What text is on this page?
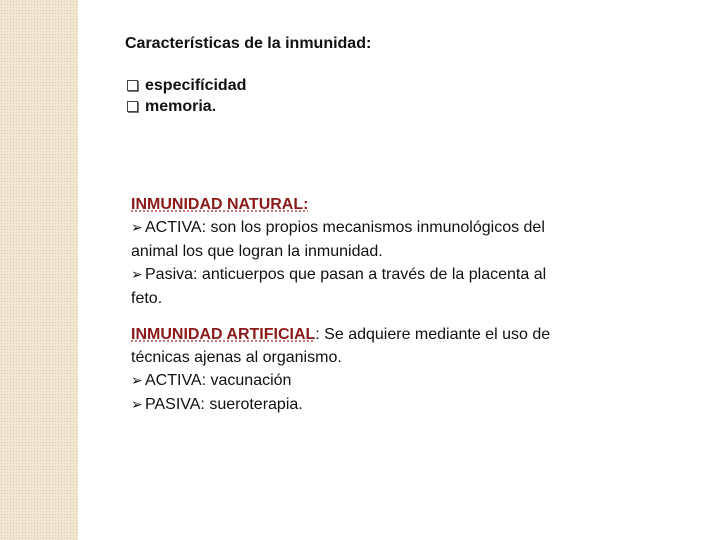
Características de la inmunidad:
especifícidad
memoria.
INMUNIDAD NATURAL:
➢ ACTIVA: son los propios mecanismos inmunológicos del
animal los que logran la inmunidad.
➢ Pasiva: anticuerpos que pasan a través de la placenta al
feto.
INMUNIDAD ARTIFICIAL: Se adquiere mediante el uso de
técnicas ajenas al organismo.
➢ ACTIVA: vacunación
➢ PASIVA: sueroterapia.
